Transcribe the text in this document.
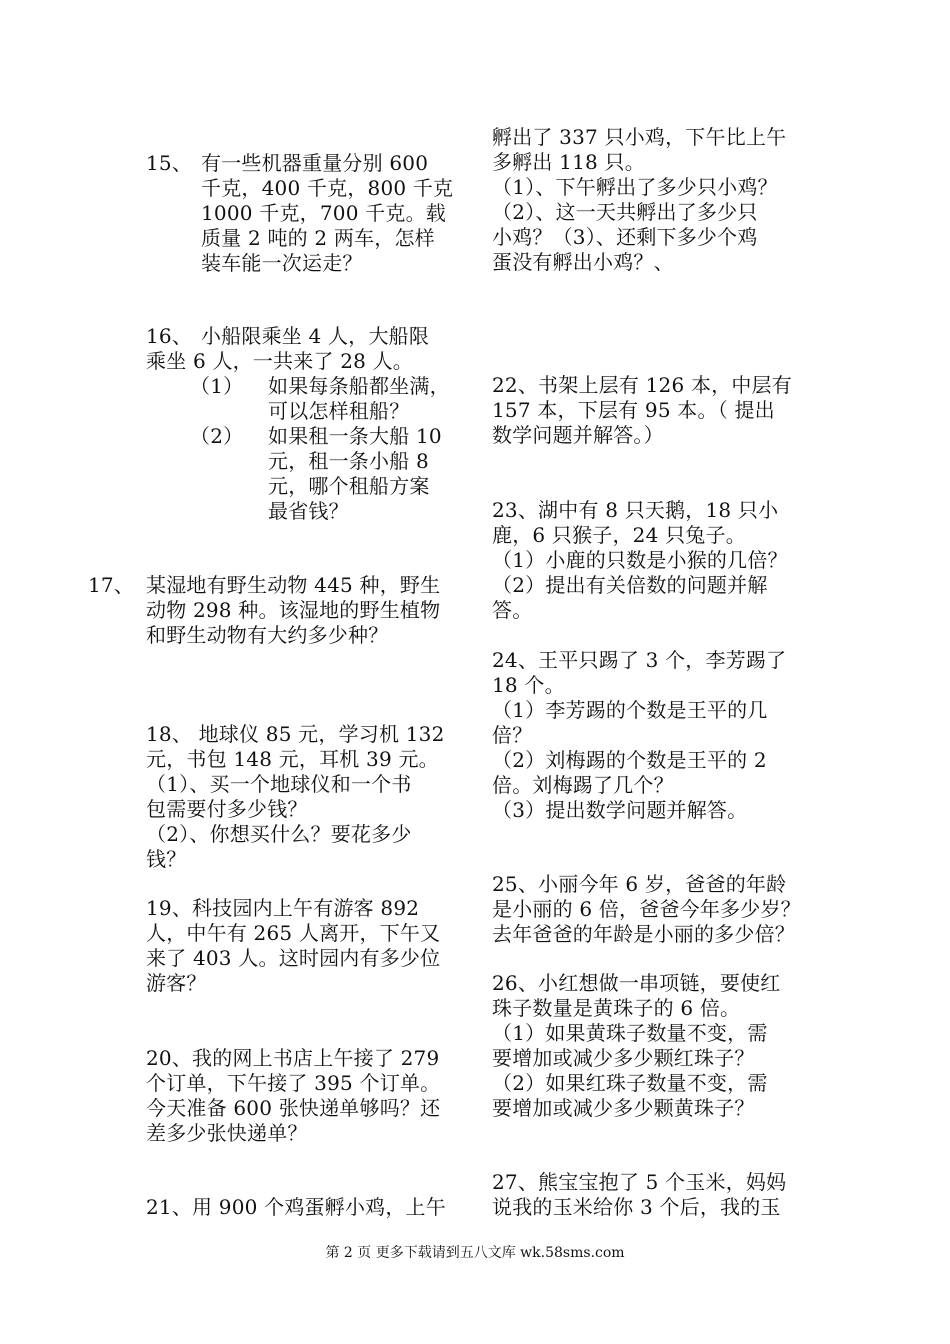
15、 有一些机器重量分别 600
千克，400 千克，800 千克
1000 千克，700 千克。载
质量 2 吨的 2 两车，怎样
装车能一次运走？
16、 小船限乘坐 4 人，大船限
乘坐 6 人，一共来了 28 人。
（1） 如果每条船都坐满，
可以怎样租船？
（2） 如果租一条大船 10
元，租一条小船 8
元，哪个租船方案
最省钱？
17、 某湿地有野生动物 445 种，野生
动物 298 种。该湿地的野生植物
和野生动物有大约多少种？
18、 地球仪 85 元，学习机 132
元，书包 148 元，耳机 39 元。
（1）、买一个地球仪和一个书
包需要付多少钱？
（2）、你想买什么？要花多少
钱？
19、科技园内上午有游客 892
人，中午有 265 人离开，下午又
来了 403 人。这时园内有多少位
游客？
20、我的网上书店上午接了 279
个订单，下午接了 395 个订单。
今天准备 600 张快递单够吗？还
差多少张快递单？
21、用 900 个鸡蛋孵小鸡，上午
孵出了 337 只小鸡，下午比上午
多孵出 118 只。
（1）、下午孵出了多少只小鸡？
（2）、这一天共孵出了多少只
小鸡？（3）、还剩下多少个鸡
蛋没有孵出小鸡？、
22、书架上层有 126 本，中层有
157 本，下层有 95 本。（ 提出
数学问题并解答。）
23、湖中有 8 只天鹅，18 只小
鹿，6 只猴子，24 只兔子。
（1）小鹿的只数是小猴的几倍？
（2）提出有关倍数的问题并解
答。
24、王平只踢了 3 个，李芳踢了
18 个。
（1）李芳踢的个数是王平的几
倍？
（2）刘梅踢的个数是王平的 2
倍。刘梅踢了几个？
（3）提出数学问题并解答。
25、小丽今年 6 岁，爸爸的年龄
是小丽的 6 倍，爸爸今年多少岁？
去年爸爸的年龄是小丽的多少倍？
26、小红想做一串项链，要使红
珠子数量是黄珠子的 6 倍。
（1）如果黄珠子数量不变，需
要增加或减少多少颗红珠子？
（2）如果红珠子数量不变，需
要增加或减少多少颗黄珠子？
27、熊宝宝抱了 5 个玉米，妈妈
说我的玉米给你 3 个后，我的玉
第 2 页 更多下载请到五八文库 wk.58sms.com
